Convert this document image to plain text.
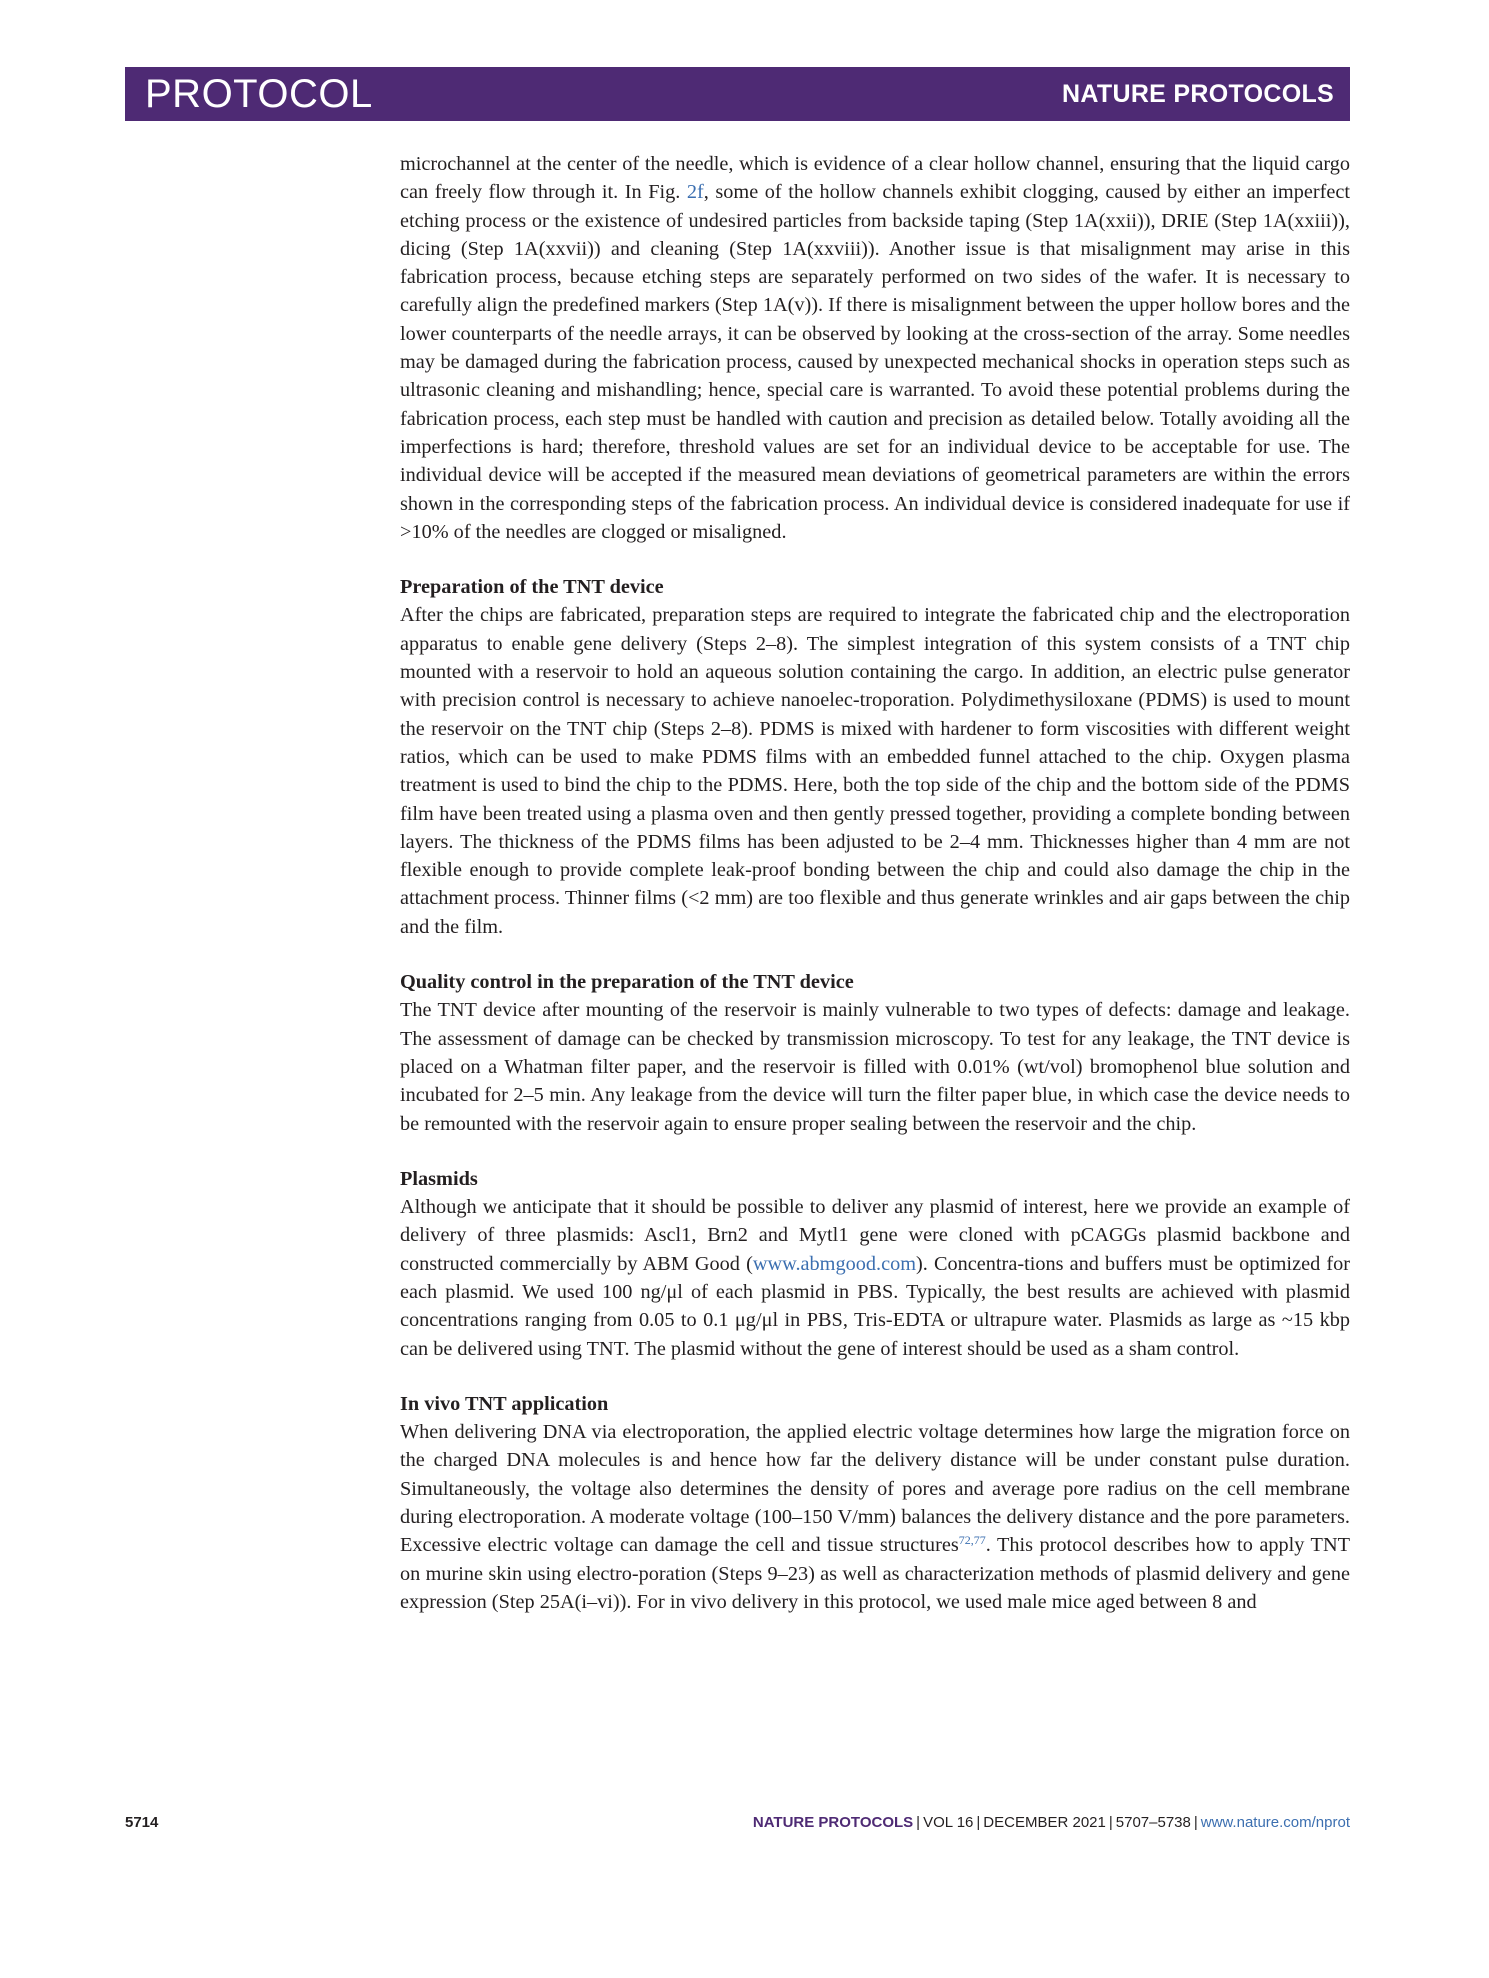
PROTOCOL	NATURE PROTOCOLS

microchannel at the center of the needle, which is evidence of a clear hollow channel, ensuring that the liquid cargo can freely flow through it. In Fig. 2f, some of the hollow channels exhibit clogging, caused by either an imperfect etching process or the existence of undesired particles from backside taping (Step 1A(xxii)), DRIE (Step 1A(xxiii)), dicing (Step 1A(xxvii)) and cleaning (Step 1A(xxviii)). Another issue is that misalignment may arise in this fabrication process, because etching steps are separately performed on two sides of the wafer. It is necessary to carefully align the predefined markers (Step 1A(v)). If there is misalignment between the upper hollow bores and the lower counterparts of the needle arrays, it can be observed by looking at the cross-section of the array. Some needles may be damaged during the fabrication process, caused by unexpected mechanical shocks in operation steps such as ultrasonic cleaning and mishandling; hence, special care is warranted. To avoid these potential problems during the fabrication process, each step must be handled with caution and precision as detailed below. Totally avoiding all the imperfections is hard; therefore, threshold values are set for an individual device to be acceptable for use. The individual device will be accepted if the measured mean deviations of geometrical parameters are within the errors shown in the corresponding steps of the fabrication process. An individual device is considered inadequate for use if >10% of the needles are clogged or misaligned.

Preparation of the TNT device

After the chips are fabricated, preparation steps are required to integrate the fabricated chip and the electroporation apparatus to enable gene delivery (Steps 2–8). The simplest integration of this system consists of a TNT chip mounted with a reservoir to hold an aqueous solution containing the cargo. In addition, an electric pulse generator with precision control is necessary to achieve nanoelec-troporation. Polydimethysiloxane (PDMS) is used to mount the reservoir on the TNT chip (Steps 2–8). PDMS is mixed with hardener to form viscosities with different weight ratios, which can be used to make PDMS films with an embedded funnel attached to the chip. Oxygen plasma treatment is used to bind the chip to the PDMS. Here, both the top side of the chip and the bottom side of the PDMS film have been treated using a plasma oven and then gently pressed together, providing a complete bonding between layers. The thickness of the PDMS films has been adjusted to be 2–4 mm. Thicknesses higher than 4 mm are not flexible enough to provide complete leak-proof bonding between the chip and could also damage the chip in the attachment process. Thinner films (<2 mm) are too flexible and thus generate wrinkles and air gaps between the chip and the film.

Quality control in the preparation of the TNT device

The TNT device after mounting of the reservoir is mainly vulnerable to two types of defects: damage and leakage. The assessment of damage can be checked by transmission microscopy. To test for any leakage, the TNT device is placed on a Whatman filter paper, and the reservoir is filled with 0.01% (wt/vol) bromophenol blue solution and incubated for 2–5 min. Any leakage from the device will turn the filter paper blue, in which case the device needs to be remounted with the reservoir again to ensure proper sealing between the reservoir and the chip.

Plasmids

Although we anticipate that it should be possible to deliver any plasmid of interest, here we provide an example of delivery of three plasmids: Ascl1, Brn2 and Mytl1 gene were cloned with pCAGGs plasmid backbone and constructed commercially by ABM Good (www.abmgood.com). Concentra-tions and buffers must be optimized for each plasmid. We used 100 ng/μl of each plasmid in PBS. Typically, the best results are achieved with plasmid concentrations ranging from 0.05 to 0.1 μg/μl in PBS, Tris-EDTA or ultrapure water. Plasmids as large as ~15 kbp can be delivered using TNT. The plasmid without the gene of interest should be used as a sham control.

In vivo TNT application

When delivering DNA via electroporation, the applied electric voltage determines how large the migration force on the charged DNA molecules is and hence how far the delivery distance will be under constant pulse duration. Simultaneously, the voltage also determines the density of pores and average pore radius on the cell membrane during electroporation. A moderate voltage (100–150 V/mm) balances the delivery distance and the pore parameters. Excessive electric voltage can damage the cell and tissue structures$^{72,77}$. This protocol describes how to apply TNT on murine skin using electro-poration (Steps 9–23) as well as characterization methods of plasmid delivery and gene expression (Step 25A(i–vi)). For in vivo delivery in this protocol, we used male mice aged between 8 and

5714	NATURE PROTOCOLS | VOL 16 | DECEMBER 2021 | 5707–5738 | www.nature.com/nprot
